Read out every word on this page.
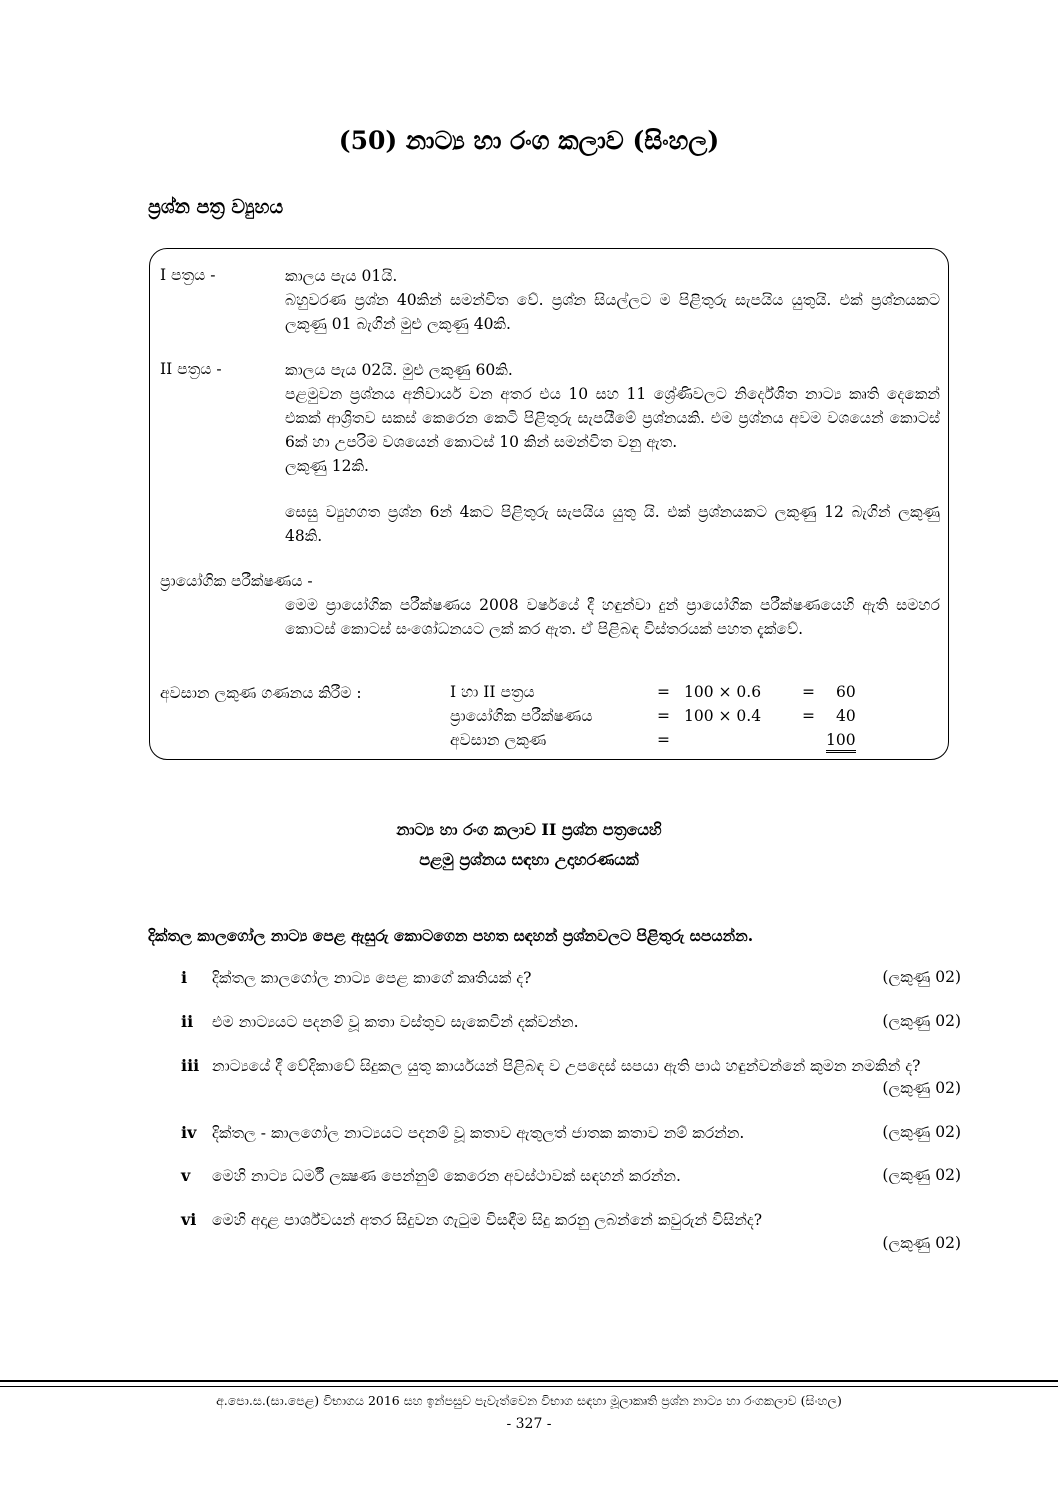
(50) නාට්‍ය හා රංග කලාව (සිංහල)
ප්‍රශ්න පත්‍ර ව්‍යුහය
I පත්‍රය -	කාලය පැය 01යි.
බහුවරණ ප්‍රශ්න 40කින් සමන්විත වේ. ප්‍රශ්න සියල්ලට ම පිළිතුරු සැපයිය යුතුයි. එක් ප්‍රශ්නයකට ලකුණු 01 බැගින් මුළු ලකුණු 40කි.
II පත්‍රය -	කාලය පැය 02යි. මුළු ලකුණු 60කි.
පළමුවන ප්‍රශ්නය අනිවාර්ය වන අතර එය 10 සහ 11 ශ්‍රේණිවලට නිර්දේශිත නාට්‍ය කෘති දෙකෙන් එකක් ආශ්‍රිතව සකස් කෙරෙන කෙටි පිළිතුරු සැපයීමේ ප්‍රශ්නයකි. එම ප්‍රශ්නය අවම වශයෙන් කොටස් 6ක් හා උපරිම වශයෙන් කොටස් 10 කින් සමන්විත වනු ඇත.
ලකුණු 12කි.
සෙසු ව්‍යුහගත ප්‍රශ්න 6න් 4කට පිළිතුරු සැපයිය යුතු යි. එක් ප්‍රශ්නයකට ලකුණු 12 බැගින් ලකුණු 48කි.
ප්‍රායෝගික පරීක්ෂණය -
මෙම ප්‍රායෝගික පරීක්ෂණය 2008 වර්ෂයේ දී හඳුන්වා දුන් ප්‍රායෝගික පරීක්ෂණයෙහි ඇති සමහර කොටස් කොටස් සංශෝධනයට ලක් කර ඇත. ඒ පිළිබඳ විස්තරයක් පහත දැක්වේ.
අවසාන ලකුණ ගණනය කිරීම :	I හා II පත්‍රය	= 100 × 0.6	= 60
ප්‍රායෝගික පරීක්ෂණය	= 100 × 0.4	= 40
අවසාන ලකුණ	=	100
නාට්‍ය හා රංග කලාව II ප්‍රශ්න පත්‍රයෙහි
පළමු ප්‍රශ්නය සඳහා උදාහරණයක්
දික්තල කාලගෝල නාට්‍ය පෙළ ඇසුරු කොටගෙන පහත සඳහන් ප්‍රශ්නවලට පිළිතුරු සපයන්න.
i දික්තල කාලගෝල නාට්‍ය පෙළ කාගේ කෘතියක් ද?	(ලකුණු 02)
ii එම නාට්‍යයට පදනම් වූ කතා වස්තුව සැකෙවින් දක්වන්න.	(ලකුණු 02)
iii නාට්‍යයේ දී වේදිකාවේ සිදුකල යුතු කාර්යයන් පිළිබඳ ව උපදෙස් සපයා ඇති පාඨ හඳුන්වන්නේ කුමන නමකින් ද?
(ලකුණු 02)
iv දික්තල - කාලගෝල නාට්‍යයට පදනම් වූ කතාව ඇතුලත් ජාතක කතාව නම් කරන්න.	(ලකුණු 02)
v මෙහි නාට්‍ය ධර්මී ලක්‍ෂණ පෙන්නුම් කෙරෙන අවස්ථාවක් සඳහන් කරන්න.	(ලකුණු 02)
vi මෙහි අදාළ පාර්ශ්වයන් අතර සිදුවන ගැටුම විසඳීම සිදු කරනු ලබන්නේ කවුරුන් විසින්ද?
(ලකුණු 02)
අ.පො.ස.(සා.පෙළ) විභාගය 2016 සහ ඉන්පසුව පැවැත්වෙන විභාග සඳහා මූලාකෘති ප්‍රශ්න නාට්‍ය හා රංගකලාව (සිංහල)
- 327 -
